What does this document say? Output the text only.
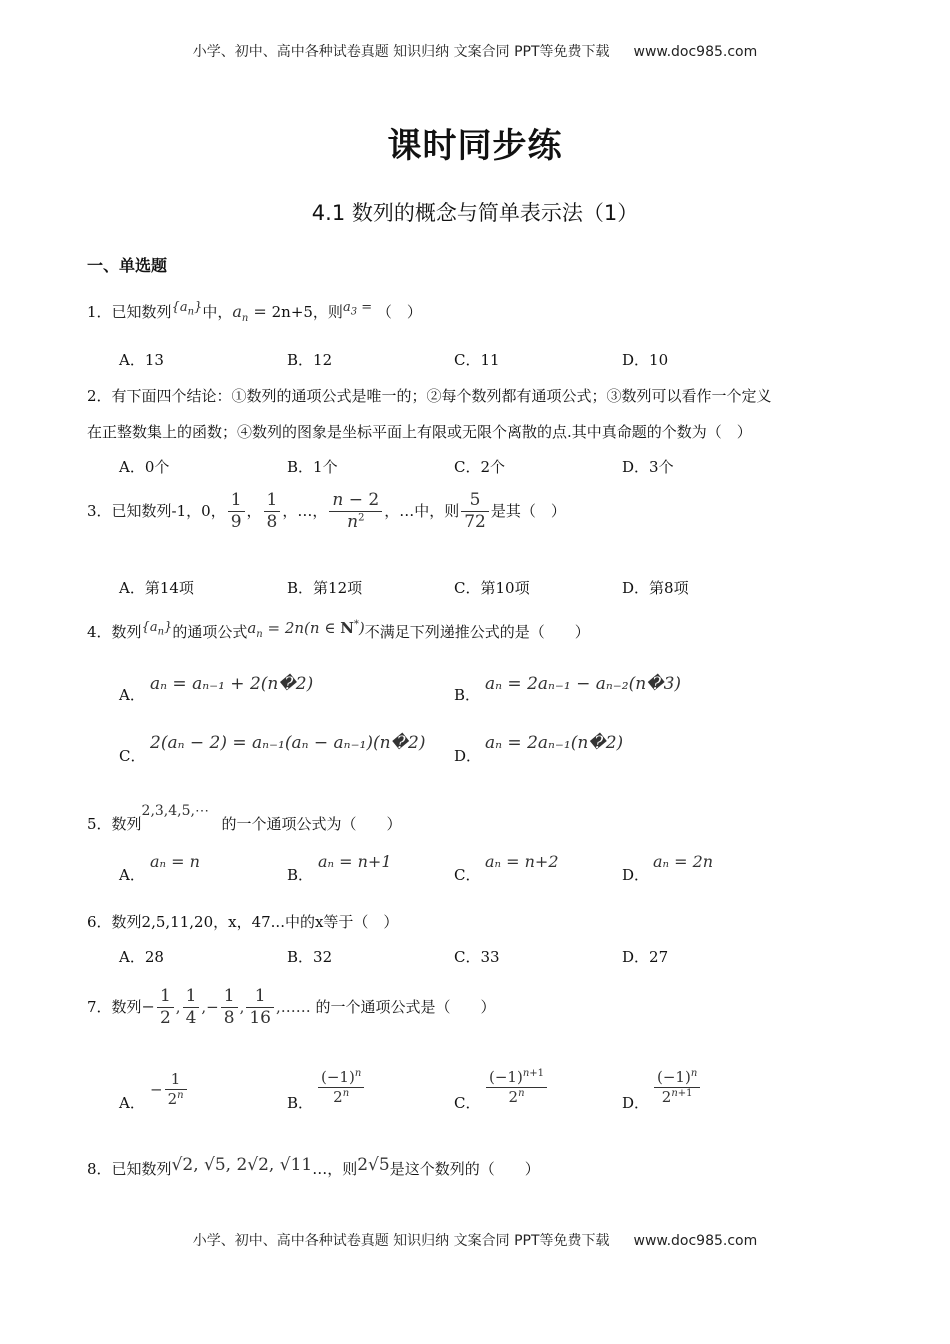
小学、初中、高中各种试卷真题 知识归纳 文案合同 PPT等免费下载 www.doc985.com
课时同步练
4.1 数列的概念与简单表示法（1）
一、单选题
1．已知数列$\{a_n\}$中，$a_n = 2n+5$，则$a_3$ = （　）
A．13	B．12	C．11	D．10
2．有下面四个结论：①数列的通项公式是唯一的；②每个数列都有通项公式；③数列可以看作一个定义
在正整数集上的函数；④数列的图象是坐标平面上有限或无限个离散的点.其中真命题的个数为（　）
A．0个	B．1个	C．2个	D．3个
3．已知数列-1，0， $\frac{1}{9}$ ， $\frac{1}{8}$ ，…， $\frac{n - 2}{n^2}$ ，…中，则 $\frac{5}{72}$ 是其（　）
A．第14项	B．第12项	C．第10项	D．第8项
4．数列$\{a_n\}$的通项公式$a_n = 2n(n$ ∈ N*)不满足下列递推公式的是（　　）
A．
aₙ = aₙ₋₁ + 2(n�2)
B．
aₙ = 2aₙ₋₁ − aₙ₋₂(n�3)
C．
2(aₙ − 2) = aₙ₋₁(aₙ − aₙ₋₁)(n�2)
D．
aₙ = 2aₙ₋₁(n�2)
5．数列2,3,4,5,⋯的一个通项公式为（　　）
A．
aₙ = n
B．
aₙ = n+1
C．
aₙ = n+2
D．
aₙ = 2n
6．数列2,5,11,20，x，47...中的x等于（　）
A．28	B．32	C．33	D．27
7．数列− $\frac{1}{2}$ , $\frac{1}{4}$ ,− $\frac{1}{8}$ , $\frac{1}{16}$ ,…… 的一个通项公式是（　　）
A．
− $\frac{1}{2^n}$	B． $\frac{(-1)^n}{2^n}$	C． $\frac{(-1)^{n+1}}{2^n}$	D． $\frac{(-1)^n}{2^{n+1}}$
8．已知数列√2, √5, 2√2, √11…，则2√5是这个数列的（　　）
小学、初中、高中各种试卷真题 知识归纳 文案合同 PPT等免费下载 www.doc985.com
